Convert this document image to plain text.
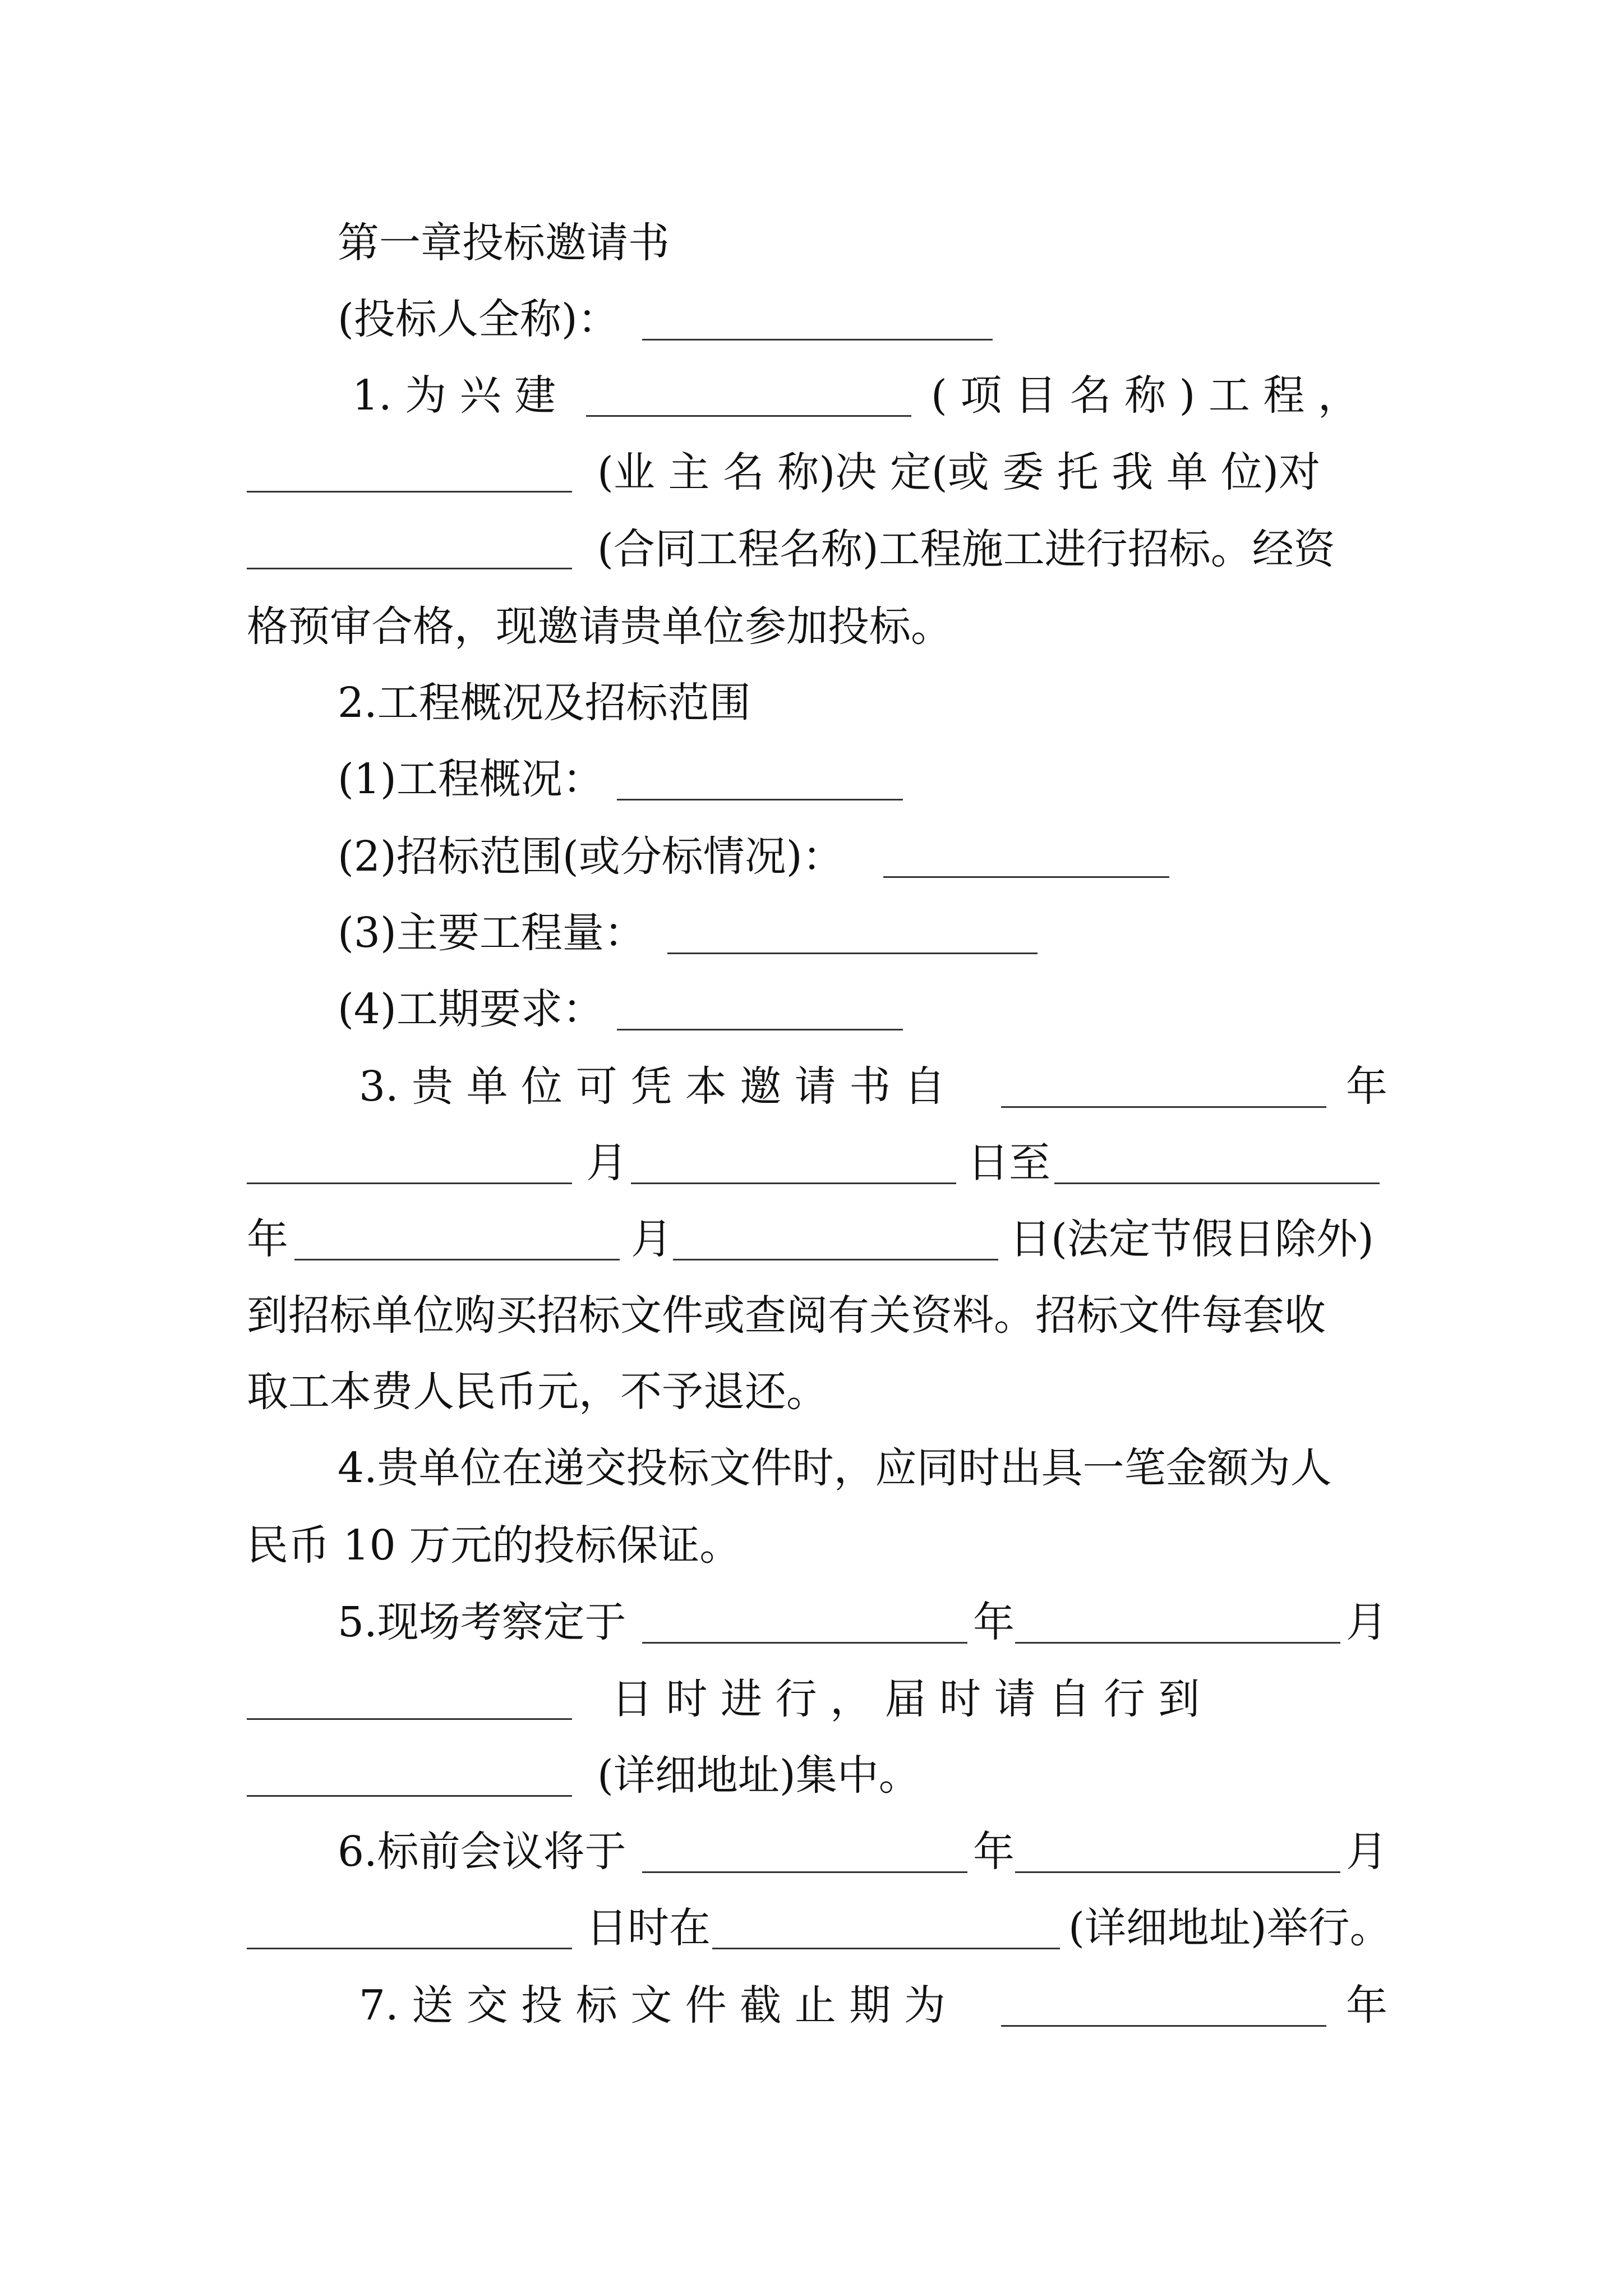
第一章投标邀请书
(投标人全称)：
1. 为 兴 建	( 项 目 名 称 ) 工 程 ，
(业 主 名 称)决 定(或 委 托 我 单 位)对
(合同工程名称)工程施工进行招标。经资
格预审合格，现邀请贵单位参加投标。
2.工程概况及招标范围
(1)工程概况：
(2)招标范围(或分标情况)：
(3)主要工程量：
(4)工期要求：
3. 贵 单 位 可 凭 本 邀 请 书 自	年
月	日至
年	月	日(法定节假日除外)
到招标单位购买招标文件或查阅有关资料。招标文件每套收
取工本费人民币元，不予退还。
4.贵单位在递交投标文件时，应同时出具一笔金额为人
民币 10 万元的投标保证。
5.现场考察定于	年	月
日 时 进 行 ， 届 时 请 自 行 到
(详细地址)集中。
6.标前会议将于	年	月
日时在	(详细地址)举行。
7. 送 交 投 标 文 件 截 止 期 为	年
